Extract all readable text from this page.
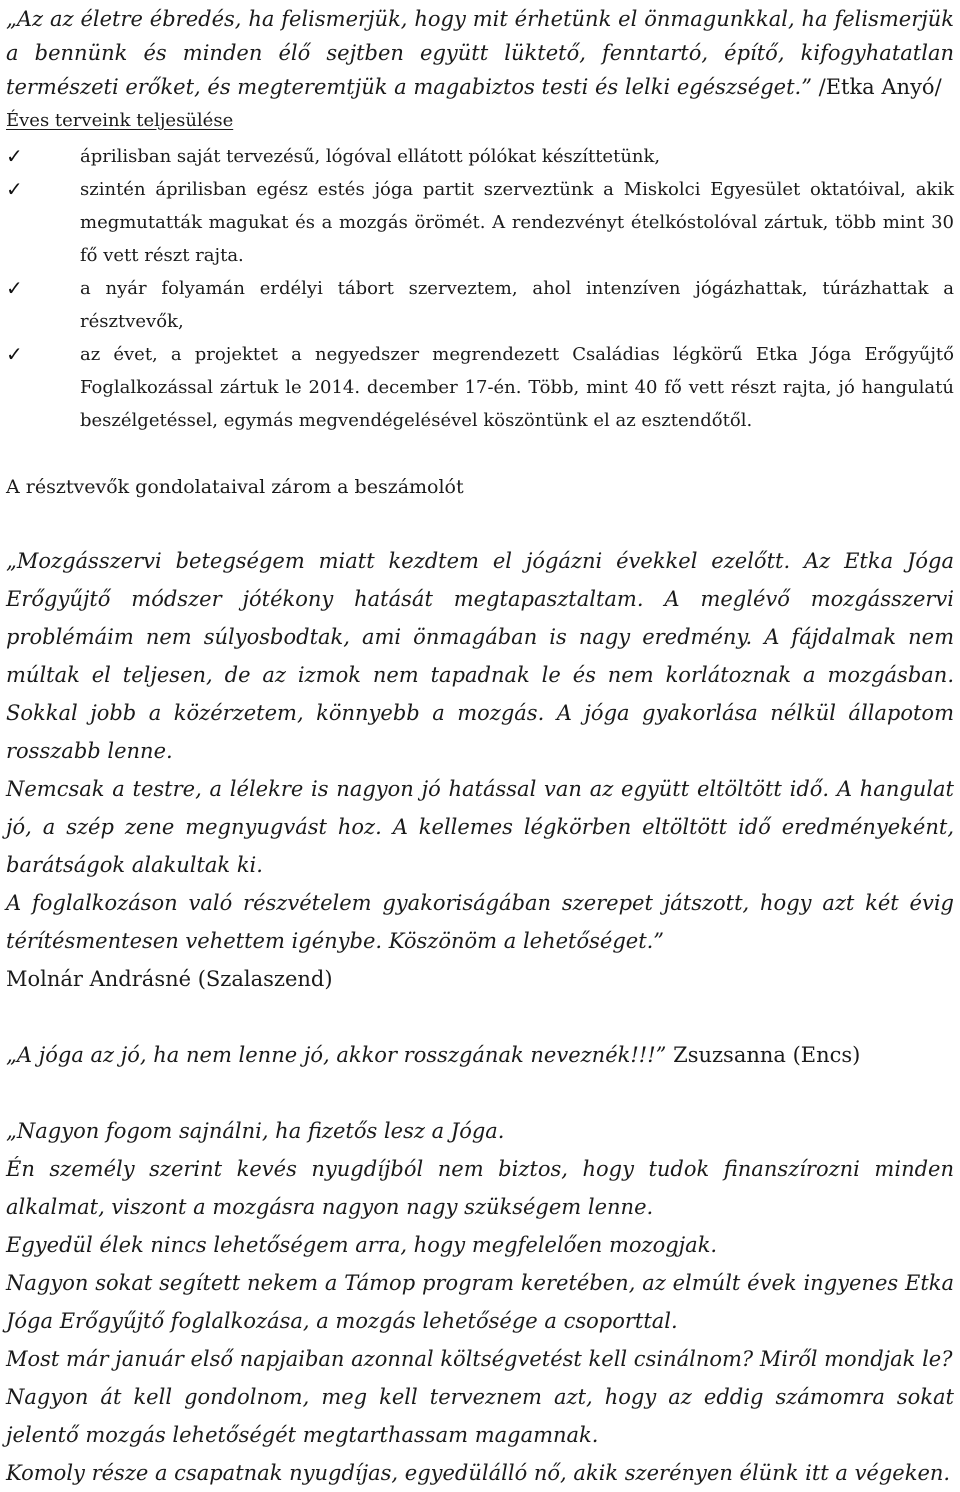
„Az az életre ébredés, ha felismerjük, hogy mit érhetünk el önmagunkkal, ha felismerjük a bennünk és minden élő sejtben együtt lüktető, fenntartó, építő, kifogyhatatlan természeti erőket, és megteremtjük a magabiztos testi és lelki egészséget.” /Etka Anyó/
Éves terveink teljesülése
✓	áprilisban saját tervezésű, lógóval ellátott pólókat készíttetünk,
✓	szintén áprilisban egész estés jóga partit szerveztünk a Miskolci Egyesület oktatóival, akik megmutatták magukat és a mozgás örömét. A rendezvényt ételkóstolóval zártuk, több mint 30 fő vett részt rajta.
✓	a nyár folyamán erdélyi tábort szerveztem, ahol intenzíven jógázhattak, túrázhattak a résztvevők,
✓	az évet, a projektet a negyedszer megrendezett Családias légkörű Etka Jóga Erőgyűjtő Foglalkozással zártuk le 2014. december 17-én. Több, mint 40 fő vett részt rajta, jó hangulatú beszélgetéssel, egymás megvendégelésével köszöntünk el az esztendőtől.
A résztvevők gondolataival zárom a beszámolót

„Mozgásszervi betegségem miatt kezdtem el jógázni évekkel ezelőtt. Az Etka Jóga Erőgyűjtő módszer jótékony hatását megtapasztaltam. A meglévő mozgásszervi problémáim nem súlyosbodtak, ami önmagában is nagy eredmény. A fájdalmak nem múltak el teljesen, de az izmok nem tapadnak le és nem korlátoznak a mozgásban. Sokkal jobb a közérzetem, könnyebb a mozgás. A jóga gyakorlása nélkül állapotom rosszabb lenne.

Nemcsak a testre, a lélekre is nagyon jó hatással van az együtt eltöltött idő. A hangulat jó, a szép zene megnyugvást hoz. A kellemes légkörben eltöltött idő eredményeként, barátságok alakultak ki.

A foglalkozáson való részvételem gyakoriságában szerepet játszott, hogy azt két évig térítésmentesen vehettem igénybe. Köszönöm a lehetőséget.”

Molnár Andrásné (Szalaszend)

„A jóga az jó, ha nem lenne jó, akkor rosszgának neveznék!!!” Zsuzsanna (Encs)

„Nagyon fogom sajnálni, ha fizetős lesz a Jóga.

Én személy szerint kevés nyugdíjból nem biztos, hogy tudok finanszírozni minden alkalmat, viszont a mozgásra nagyon nagy szükségem lenne.

Egyedül élek nincs lehetőségem arra, hogy megfelelően mozogjak.

Nagyon sokat segített nekem a Támop program keretében, az elmúlt évek ingyenes Etka Jóga Erőgyűjtő foglalkozása, a mozgás lehetősége a csoporttal.

Most már január első napjaiban azonnal költségvetést kell csinálnom? Miről mondjak le?

Nagyon át kell gondolnom, meg kell terveznem azt, hogy az eddig számomra sokat jelentő mozgás lehetőségét megtarthassam magamnak.

Komoly része a csapatnak nyugdíjas, egyedülálló nő, akik szerényen élünk itt a végeken.
